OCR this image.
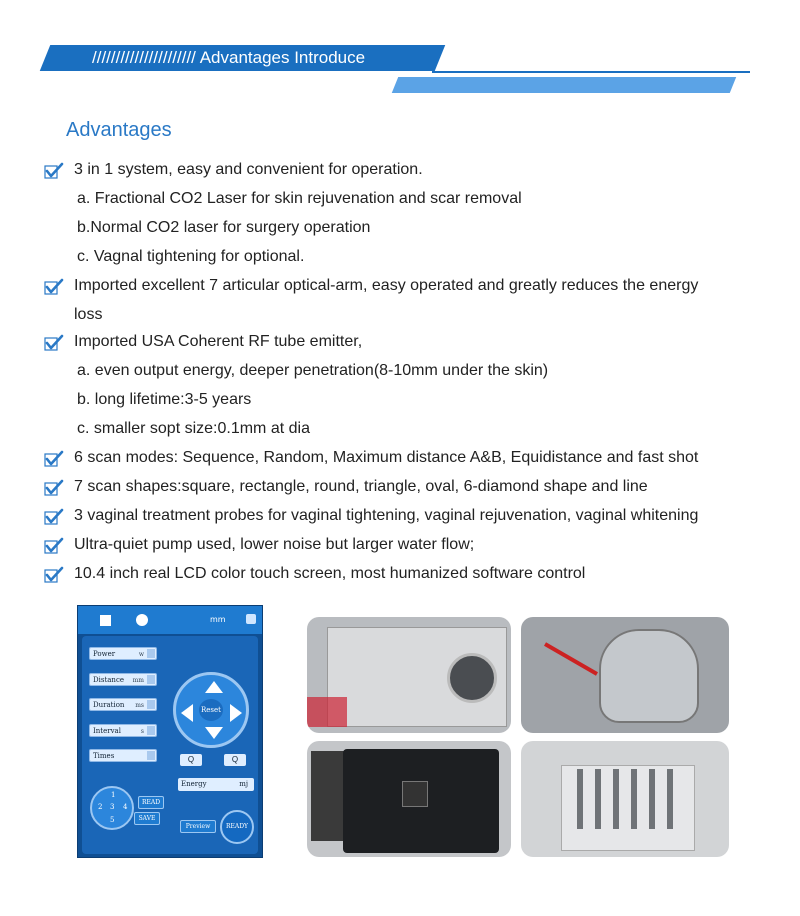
////////////////////// Advantages Introduce
Advantages
3 in 1 system, easy and convenient for operation.
a. Fractional CO2 Laser for skin rejuvenation and scar removal
b.Normal CO2 laser for surgery operation
c. Vagnal tightening for optional.
Imported excellent 7 articular optical-arm, easy operated and greatly reduces the energy
loss
Imported USA Coherent RF tube emitter,
a. even output energy, deeper penetration(8-10mm under the skin)
b. long lifetime:3-5 years
c. smaller sopt size:0.1mm at dia
6 scan modes: Sequence, Random, Maximum distance A&B, Equidistance and fast shot
7 scan shapes:square, rectangle, round, triangle, oval, 6-diamond shape and line
3 vaginal treatment probes for vaginal tightening, vaginal rejuvenation, vaginal whitening
Ultra-quiet pump used, lower noise but larger water flow;
10.4 inch real LCD color touch screen, most humanized software control
mm
Power	w
Distance mm
Duration ms
Interval	s
Times
Reset
Q	Q
Energy	mj
1
2 3 4
5
READ
SAVE
Preview	READY
